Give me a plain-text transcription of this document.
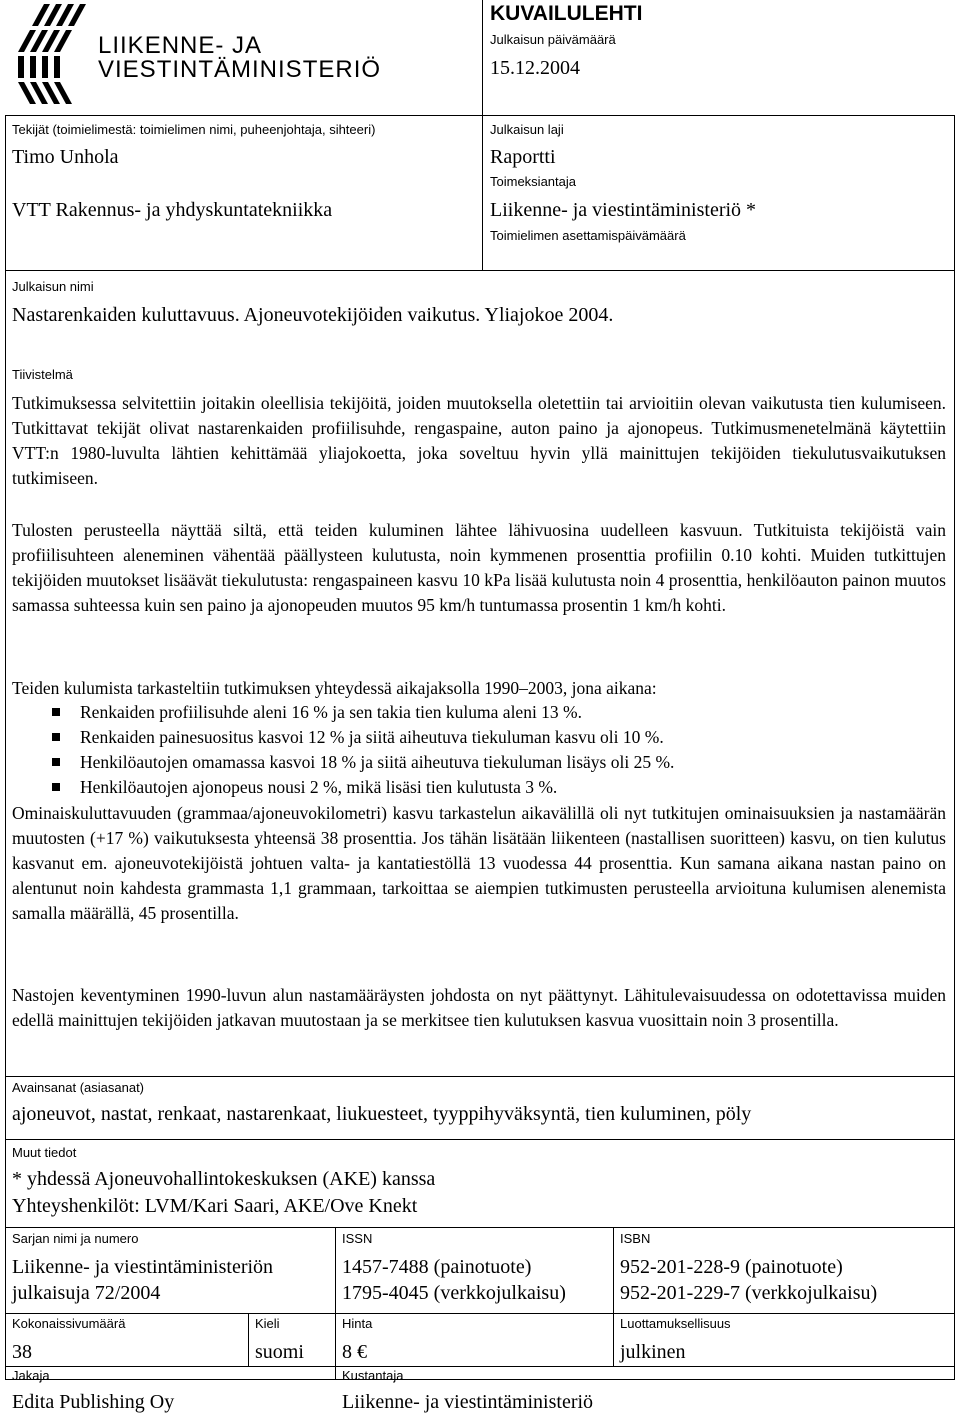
LIIKENNE- JA
VIESTINTÄMINISTERIÖ
KUVAILULEHTI
Julkaisun päivämäärä
15.12.2004
Tekijät (toimielimestä: toimielimen nimi, puheenjohtaja, sihteeri)
Timo Unhola
VTT Rakennus- ja yhdyskuntatekniikka
Julkaisun laji
Raportti
Toimeksiantaja
Liikenne- ja viestintäministeriö *
Toimielimen asettamispäivämäärä
Julkaisun nimi
Nastarenkaiden kuluttavuus. Ajoneuvotekijöiden vaikutus. Yliajokoe 2004.
Tiivistelmä

Tutkimuksessa selvitettiin joitakin oleellisia tekijöitä, joiden muutoksella oletettiin tai arvioitiin olevan vaikutusta tien kulumiseen. Tutkittavat tekijät olivat nastarenkaiden profiilisuhde, rengaspaine, auton paino ja ajonopeus. Tutkimusmenetelmänä käytettiin VTT:n 1980-luvulta lähtien kehittämää yliajokoetta, joka soveltuu hyvin yllä mainittujen tekijöiden tiekulutusvaikutuksen tutkimiseen.

Tulosten perusteella näyttää siltä, että teiden kuluminen lähtee lähivuosina uudelleen kasvuun. Tutkituista tekijöistä vain profiilisuhteen aleneminen vähentää päällysteen kulutusta, noin kymmenen prosenttia profiilin 0.10 kohti. Muiden tutkittujen tekijöiden muutokset lisäävät tiekulutusta: rengaspaineen kasvu 10 kPa lisää kulutusta noin 4 prosenttia, henkilöauton painon muutos samassa suhteessa kuin sen paino ja ajonopeuden muutos 95 km/h tuntumassa prosentin 1 km/h kohti.

Teiden kulumista tarkasteltiin tutkimuksen yhteydessä aikajaksolla 1990–2003, jona aikana:

Renkaiden profiilisuhde aleni 16 % ja sen takia tien kuluma aleni 13 %.
Renkaiden painesuositus kasvoi 12 % ja siitä aiheutuva tiekuluman kasvu oli 10 %.
Henkilöautojen omamassa kasvoi 18 % ja siitä aiheutuva tiekuluman lisäys oli 25 %.
Henkilöautojen ajonopeus nousi 2 %, mikä lisäsi tien kulutusta 3 %.

Ominaiskuluttavuuden (grammaa/ajoneuvokilometri) kasvu tarkastelun aikavälillä oli nyt tutkitujen ominaisuuksien ja nastamäärän muutosten (+17 %) vaikutuksesta yhteensä 38 prosenttia. Jos tähän lisätään liikenteen (nastallisen suoritteen) kasvu, on tien kulutus kasvanut em. ajoneuvotekijöistä johtuen valta- ja kantatiestöllä 13 vuodessa 44 prosenttia. Kun samana aikana nastan paino on alentunut noin kahdesta grammasta 1,1 grammaan, tarkoittaa se aiempien tutkimusten perusteella arvioituna kulumisen alenemista samalla määrällä, 45 prosentilla.

Nastojen keventyminen 1990-luvun alun nastamääräysten johdosta on nyt päättynyt. Lähitulevaisuudessa on odotettavissa muiden edellä mainittujen tekijöiden jatkavan muutostaan ja se merkitsee tien kulutuksen kasvua vuosittain noin 3 prosentilla.

Avainsanat (asiasanat)
ajoneuvot, nastat, renkaat, nastarenkaat, liukuesteet, tyyppihyväksyntä, tien kuluminen, pöly
Muut tiedot
* yhdessä Ajoneuvohallintokeskuksen (AKE) kanssa
Yhteyshenkilöt: LVM/Kari Saari, AKE/Ove Knekt
Sarjan nimi ja numero
Liikenne- ja viestintäministeriön
julkaisuja 72/2004
ISSN
1457-7488 (painotuote)
1795-4045 (verkkojulkaisu)
ISBN
952-201-228-9 (painotuote)
952-201-229-7 (verkkojulkaisu)
Kokonaissivumäärä
38
Kieli
suomi
Hinta
8 €
Luottamuksellisuus
julkinen
Jakaja
Edita Publishing Oy
Kustantaja
Liikenne- ja viestintäministeriö
